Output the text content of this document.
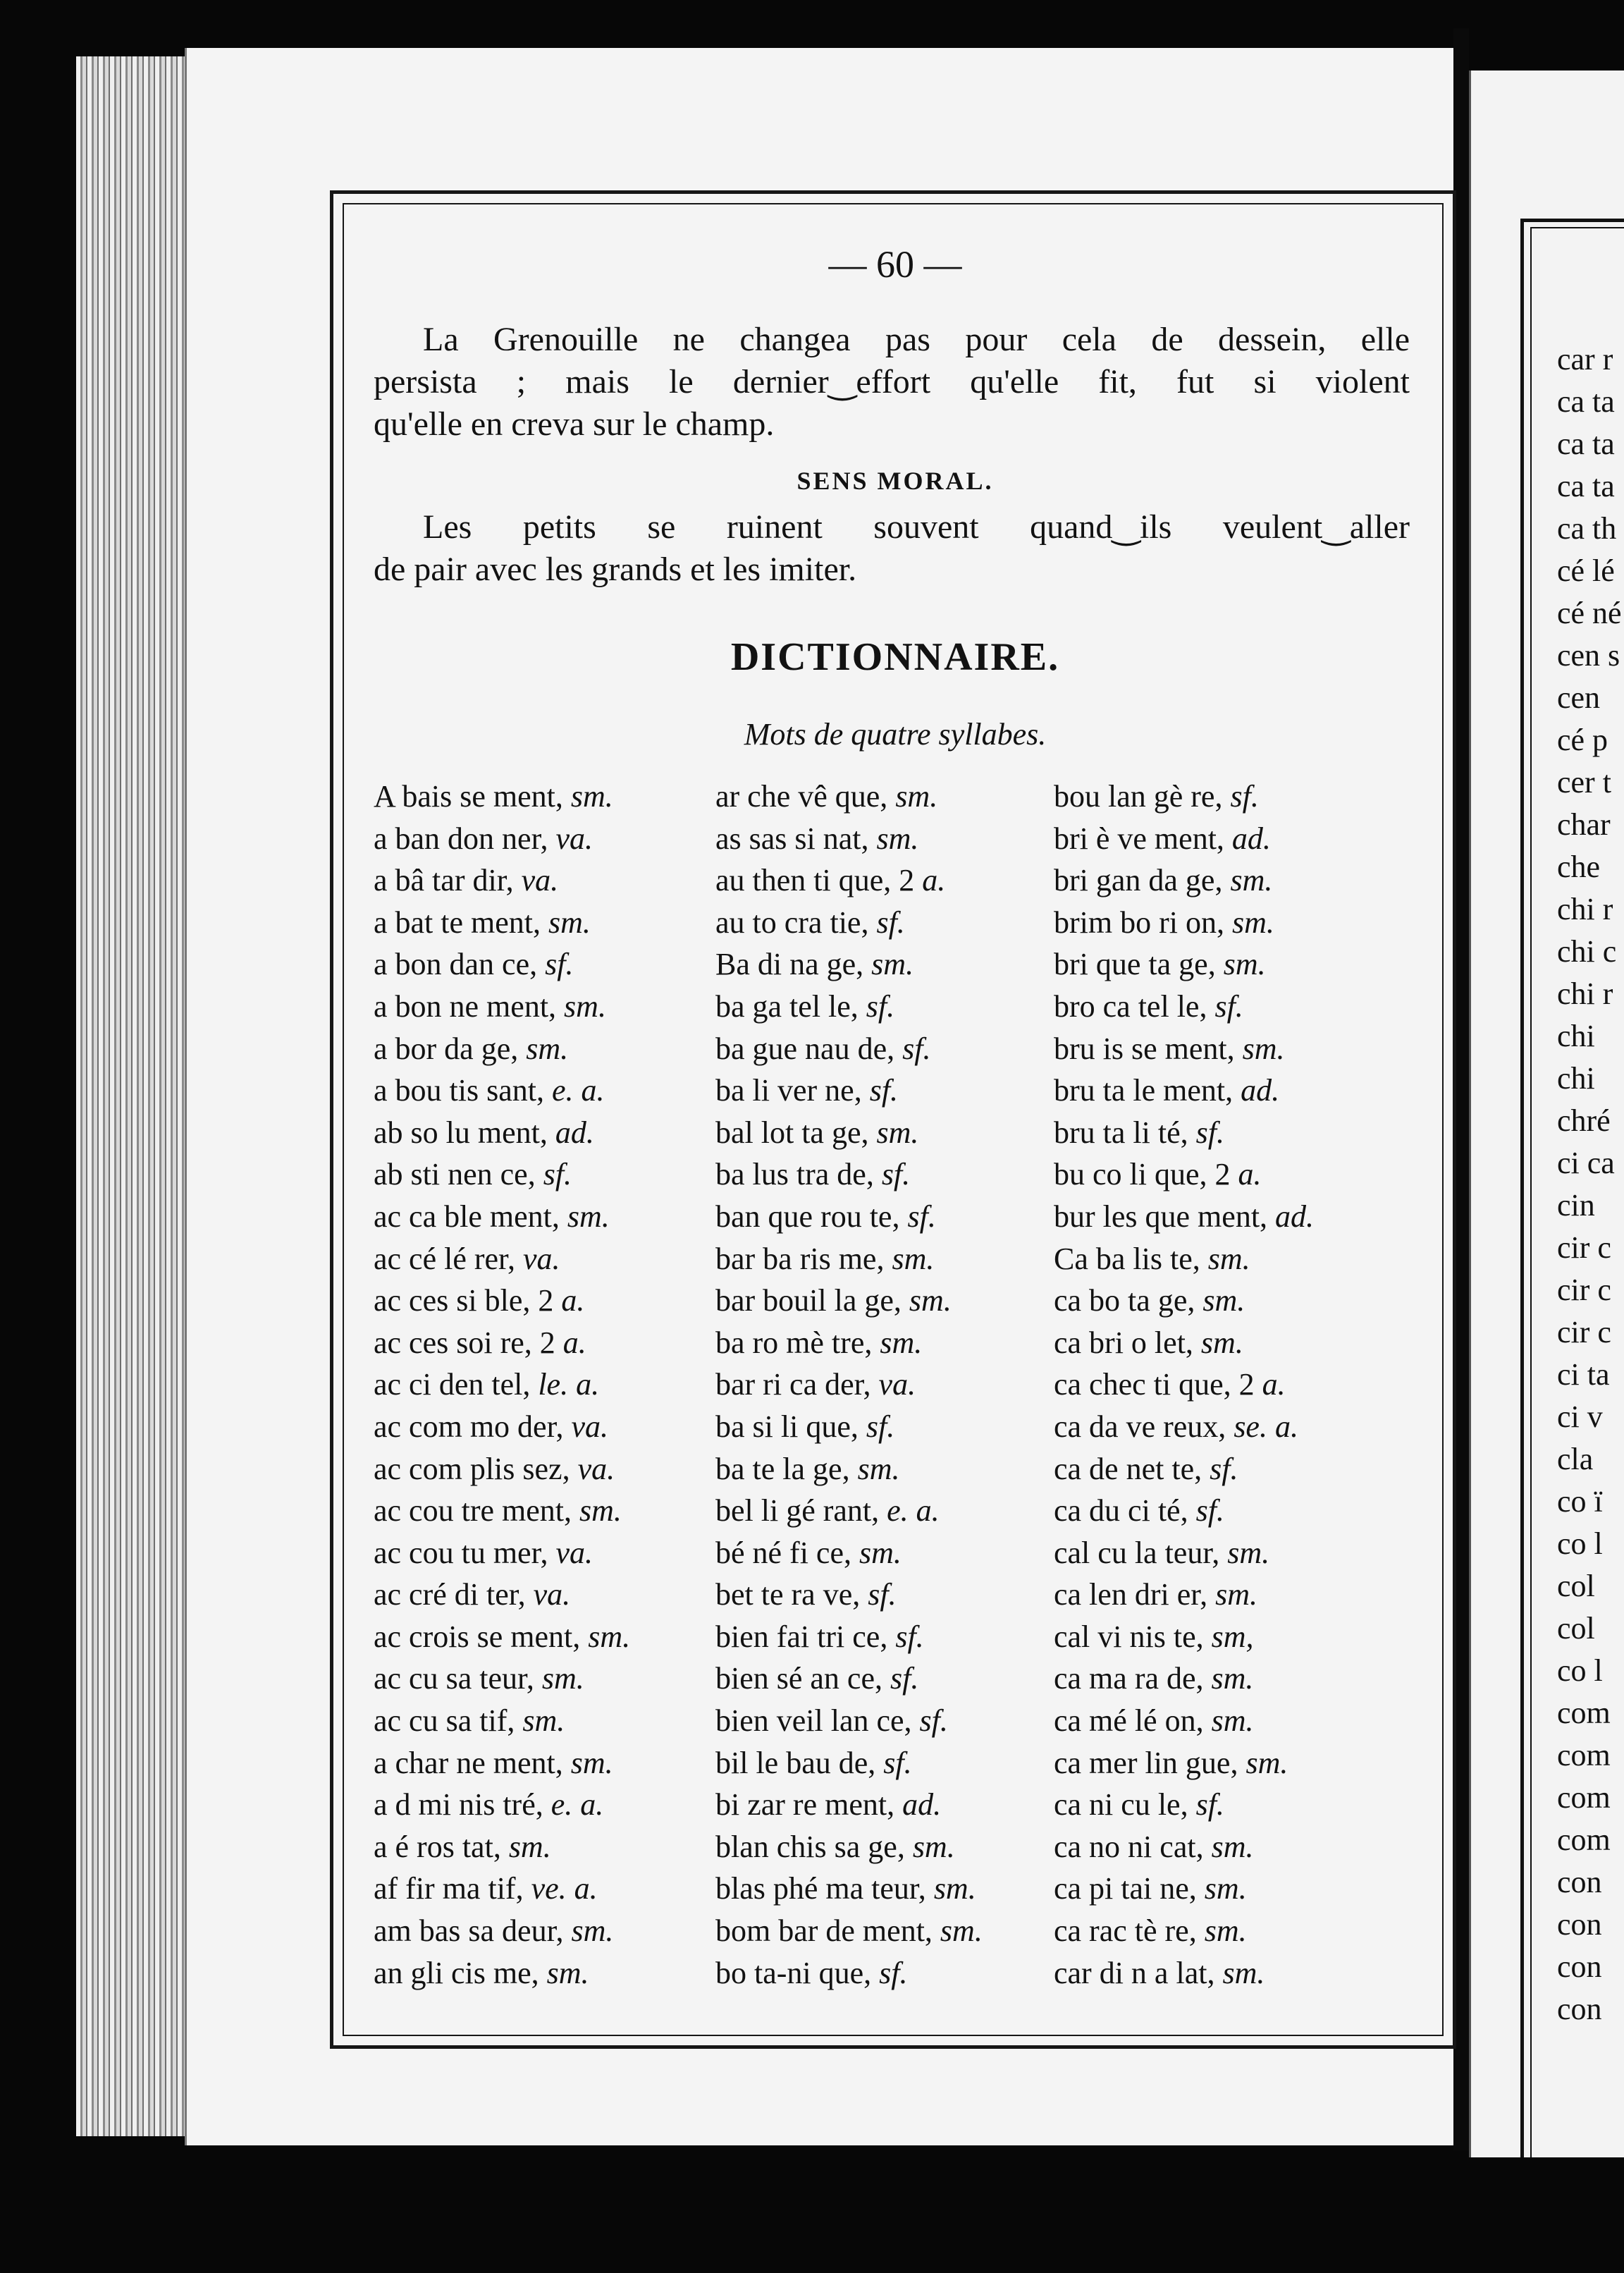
car r
ca ta
ca ta
ca ta
ca th
cé lé
cé né
cen s
cen
cé p
cer t
char
che
chi r
chi c
chi r
chi
chi
chré
ci ca
cin
cir c
cir c
cir c
ci ta
ci v
cla
co ï
co l
col
col
co l
com
com
com
com
con
con
con
con
— 60 —
La Grenouille ne changea pas pour cela de dessein, elle
persista ; mais le dernier‿effort qu'elle fit, fut si violent
qu'elle en creva sur le champ.
SENS MORAL.
Les petits se ruinent souvent quand‿ils veulent‿aller
de pair avec les grands et les imiter.
DICTIONNAIRE.
Mots de quatre syllabes.
A bais se ment, sm.
a ban don ner, va.
a bâ tar dir, va.
a bat te ment, sm.
a bon dan ce, sf.
a bon ne ment, sm.
a bor da ge, sm.
a bou tis sant, e. a.
ab so lu ment, ad.
ab sti nen ce, sf.
ac ca ble ment, sm.
ac cé lé rer, va.
ac ces si ble, 2 a.
ac ces soi re, 2 a.
ac ci den tel, le. a.
ac com mo der, va.
ac com plis sez, va.
ac cou tre ment, sm.
ac cou tu mer, va.
ac cré di ter, va.
ac crois se ment, sm.
ac cu sa teur, sm.
ac cu sa tif, sm.
a char ne ment, sm.
a d mi nis tré, e. a.
a é ros tat, sm.
af fir ma tif, ve. a.
am bas sa deur, sm.
an gli cis me, sm.
ar che vê que, sm.
as sas si nat, sm.
au then ti que, 2 a.
au to cra tie, sf.
Ba di na ge, sm.
ba ga tel le, sf.
ba gue nau de, sf.
ba li ver ne, sf.
bal lot ta ge, sm.
ba lus tra de, sf.
ban que rou te, sf.
bar ba ris me, sm.
bar bouil la ge, sm.
ba ro mè tre, sm.
bar ri ca der, va.
ba si li que, sf.
ba te la ge, sm.
bel li gé rant, e. a.
bé né fi ce, sm.
bet te ra ve, sf.
bien fai tri ce, sf.
bien sé an ce, sf.
bien veil lan ce, sf.
bil le bau de, sf.
bi zar re ment, ad.
blan chis sa ge, sm.
blas phé ma teur, sm.
bom bar de ment, sm.
bo ta-ni que, sf.
bou lan gè re, sf.
bri è ve ment, ad.
bri gan da ge, sm.
brim bo ri on, sm.
bri que ta ge, sm.
bro ca tel le, sf.
bru is se ment, sm.
bru ta le ment, ad.
bru ta li té, sf.
bu co li que, 2 a.
bur les que ment, ad.
Ca ba lis te, sm.
ca bo ta ge, sm.
ca bri o let, sm.
ca chec ti que, 2 a.
ca da ve reux, se. a.
ca de net te, sf.
ca du ci té, sf.
cal cu la teur, sm.
ca len dri er, sm.
cal vi nis te, sm,
ca ma ra de, sm.
ca mé lé on, sm.
ca mer lin gue, sm.
ca ni cu le, sf.
ca no ni cat, sm.
ca pi tai ne, sm.
ca rac tè re, sm.
car di n a lat, sm.
